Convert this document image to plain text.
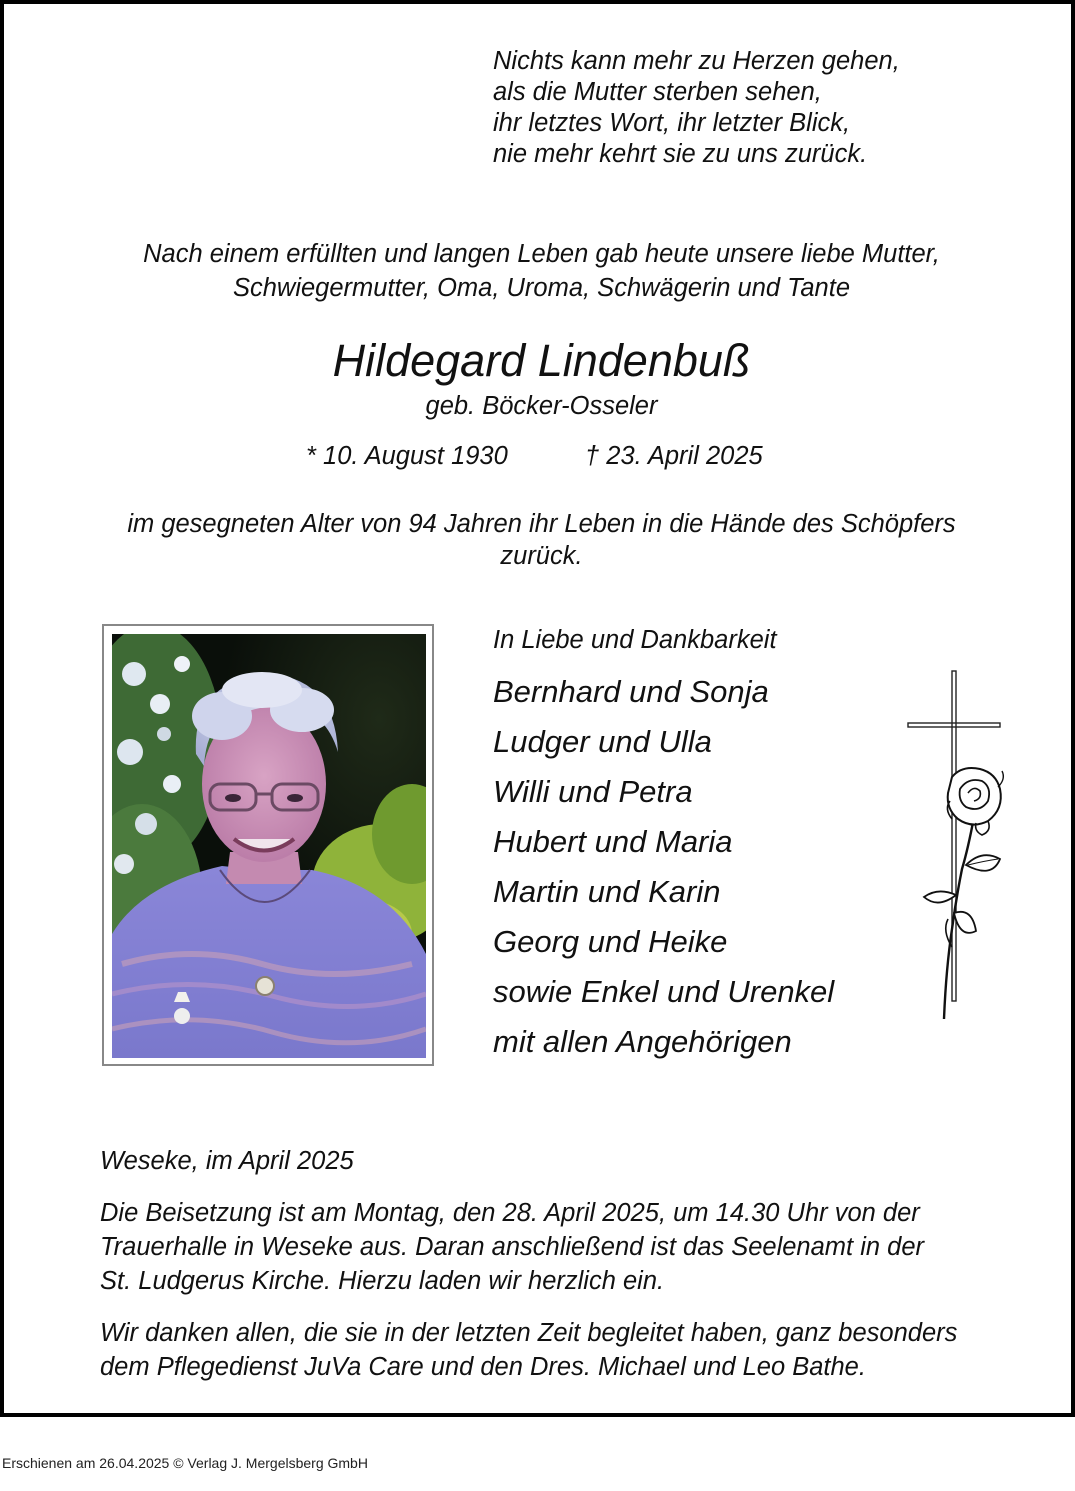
Nichts kann mehr zu Herzen gehen,
als die Mutter sterben sehen,
ihr letztes Wort, ihr letzter Blick,
nie mehr kehrt sie zu uns zurück.
Nach einem erfüllten und langen Leben gab heute unsere liebe Mutter,
Schwiegermutter, Oma, Uroma, Schwägerin und Tante
Hildegard Lindenbuß
geb. Böcker-Osseler
* 10. August 1930	† 23. April 2025
im gesegneten Alter von 94 Jahren ihr Leben in die Hände des Schöpfers
zurück.
In Liebe und Dankbarkeit
Bernhard und Sonja
Ludger und Ulla
Willi und Petra
Hubert und Maria
Martin und Karin
Georg und Heike
sowie Enkel und Urenkel
mit allen Angehörigen
Weseke, im April 2025
Die Beisetzung ist am Montag, den 28. April 2025, um 14.30 Uhr von der
Trauerhalle in Weseke aus. Daran anschließend ist das Seelenamt in der
St. Ludgerus Kirche. Hierzu laden wir herzlich ein.
Wir danken allen, die sie in der letzten Zeit begleitet haben, ganz besonders
dem Pflegedienst JuVa Care und den Dres. Michael und Leo Bathe.
Erschienen am 26.04.2025 © Verlag J. Mergelsberg GmbH
